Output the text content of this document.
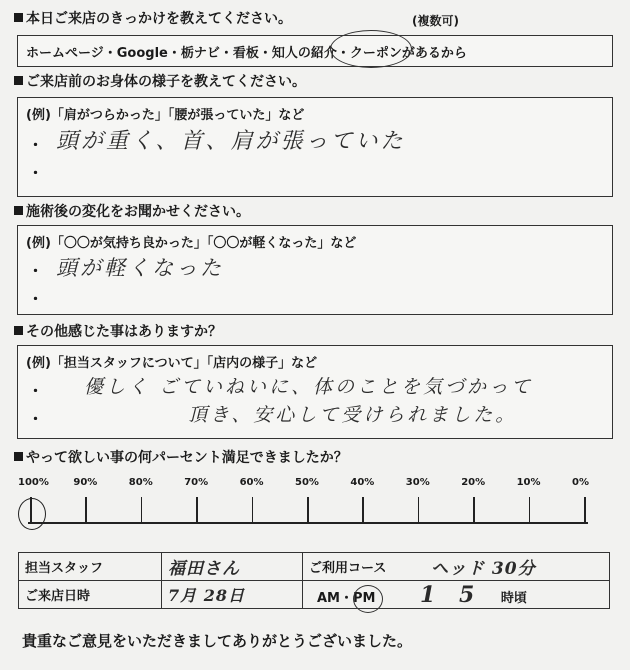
本日ご来店のきっかけを教えてください。	(複数可)
ホームページ・Google・栃ナビ・看板・知人の紹介・クーポンがあるから
ご来店前のお身体の様子を教えてください。
(例)「肩がつらかった」「腰が張っていた」など
・
・
頭が重く、首、肩が張っていた
施術後の変化をお聞かせください。
(例)「〇〇が気持ち良かった」「〇〇が軽くなった」など
・
・
頭が軽くなった
その他感じた事はありますか？
(例)「担当スタッフについて」「店内の様子」など
・
・
優しく ごていねいに、体のことを気づかって
頂き、安心して受けられました。
やって欲しい事の何パーセント満足できましたか？
100% 90%	80%	70%	60%	50%	40%	30%	20%	10%	0%
担当スタッフ	福田さん	ご利用コース	ヘッド 30分
ご来店日時	7月 28日	AM・PM 1 5 時頃	
貴重なご意見をいただきましてありがとうございました。
